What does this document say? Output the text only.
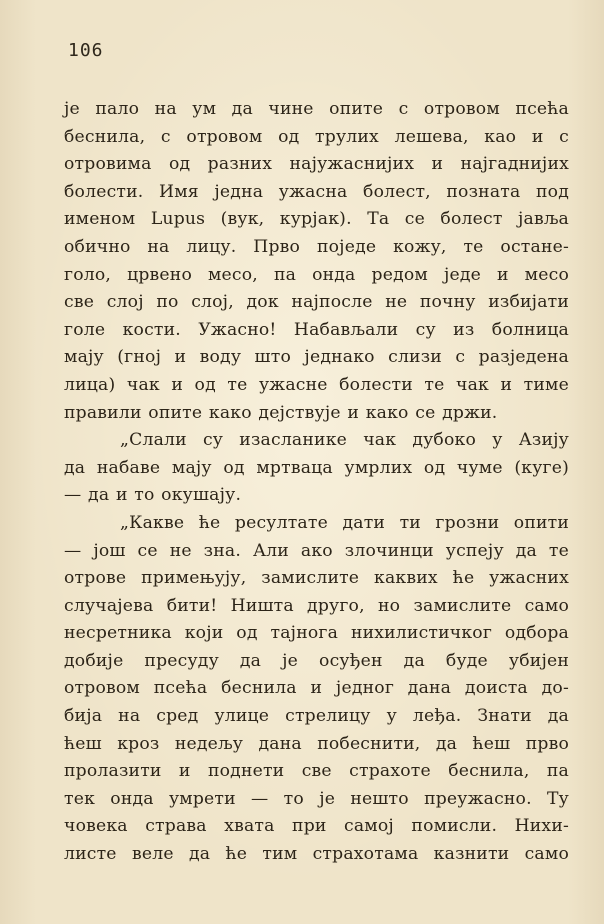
106
је пало на ум да чине опите с отровом псећа
беснила, с отровом од трулих лешева, као и с
отровима од разних најужаснијих и најгаднијих
болести. Имя једна ужасна болест, позната под
именом Lupus (вук, курјак). Та се болест јавља
обично на лицу. Прво поједе кожу, те остане-
голо, црвено месо, па онда редом једе и месо
све слој по слој, док најпосле не почну избијати
голе кости. Ужасно! Набављали су из болница
мају (гној и воду што једнако слизи с разједена
лица) чак и од те ужасне болести те чак и тиме
правили опите како дејствује и како се држи.
„Слали су изасланике чак дубоко у Азију
да набаве мају од мртваца умрлих од чуме (куге)
— да и то окушају.
„Какве ће ресултате дати ти грозни опити
— још се не зна. Али ако злочинци успеју да те
отрове примењују, замислите каквих ће ужасних
случајева бити! Ништа друго, но замислите само
несретника који од тајнога нихилистичког одбора
добије пресуду да је осуђен да буде убијен
отровом псећа беснила и једног дана доиста до-
бија на сред улице стрелицу у леђа. Знати да
ћеш кроз недељу дана побеснити, да ћеш прво
пролазити и поднети све страхоте беснила, па
тек онда умрети — то је нешто преужасно. Ту
човека страва хвата при самој помисли. Нихи-
листе веле да ће тим страхотама казнити само
